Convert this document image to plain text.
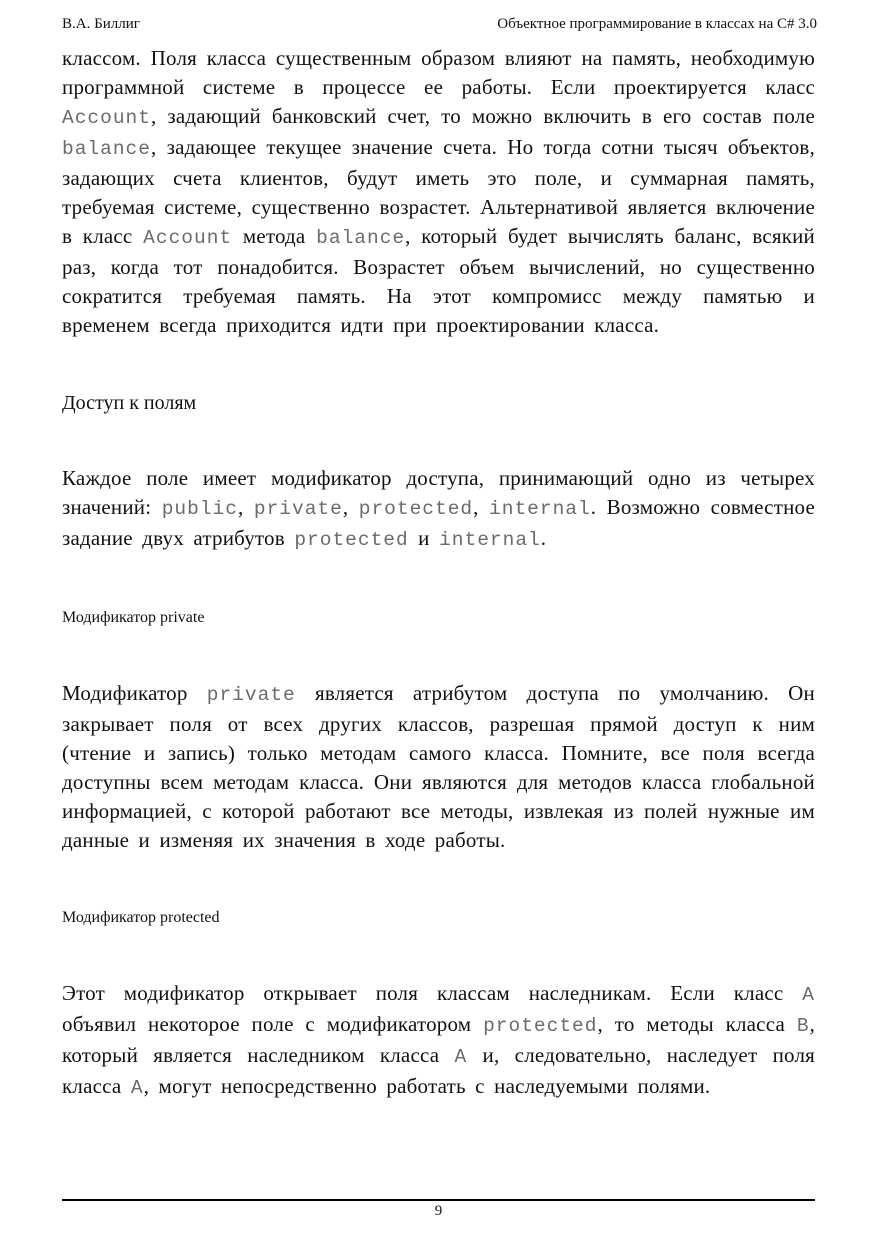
В.А. Биллиг	Объектное программирование в классах на C# 3.0

классом. Поля класса существенным образом влияют на память, необходимую программной системе в процессе ее работы. Если проектируется класс Account, задающий банковский счет, то можно включить в его состав поле balance, задающее текущее значение счета. Но тогда сотни тысяч объектов, задающих счета клиентов, будут иметь это поле, и суммарная память, требуемая системе, существенно возрастет. Альтернативой является включение в класс Account метода balance, который будет вычислять баланс, всякий раз, когда тот понадобится. Возрастет объем вычислений, но существенно сократится требуемая память. На этот компромисс между памятью и временем всегда приходится идти при проектировании класса.

Доступ к полям

Каждое поле имеет модификатор доступа, принимающий одно из четырех значений: public, private, protected, internal. Возможно совместное задание двух атрибутов protected и internal.

Модификатор private

Модификатор private является атрибутом доступа по умолчанию. Он закрывает поля от всех других классов, разрешая прямой доступ к ним (чтение и запись) только методам самого класса. Помните, все поля всегда доступны всем методам класса. Они являются для методов класса глобальной информацией, с которой работают все методы, извлекая из полей нужные им данные и изменяя их значения в ходе работы.

Модификатор protected

Этот модификатор открывает поля классам наследникам. Если класс A объявил некоторое поле с модификатором protected, то методы класса B, который является наследником класса A и, следовательно, наследует поля класса A, могут непосредственно работать с наследуемыми полями.

9
